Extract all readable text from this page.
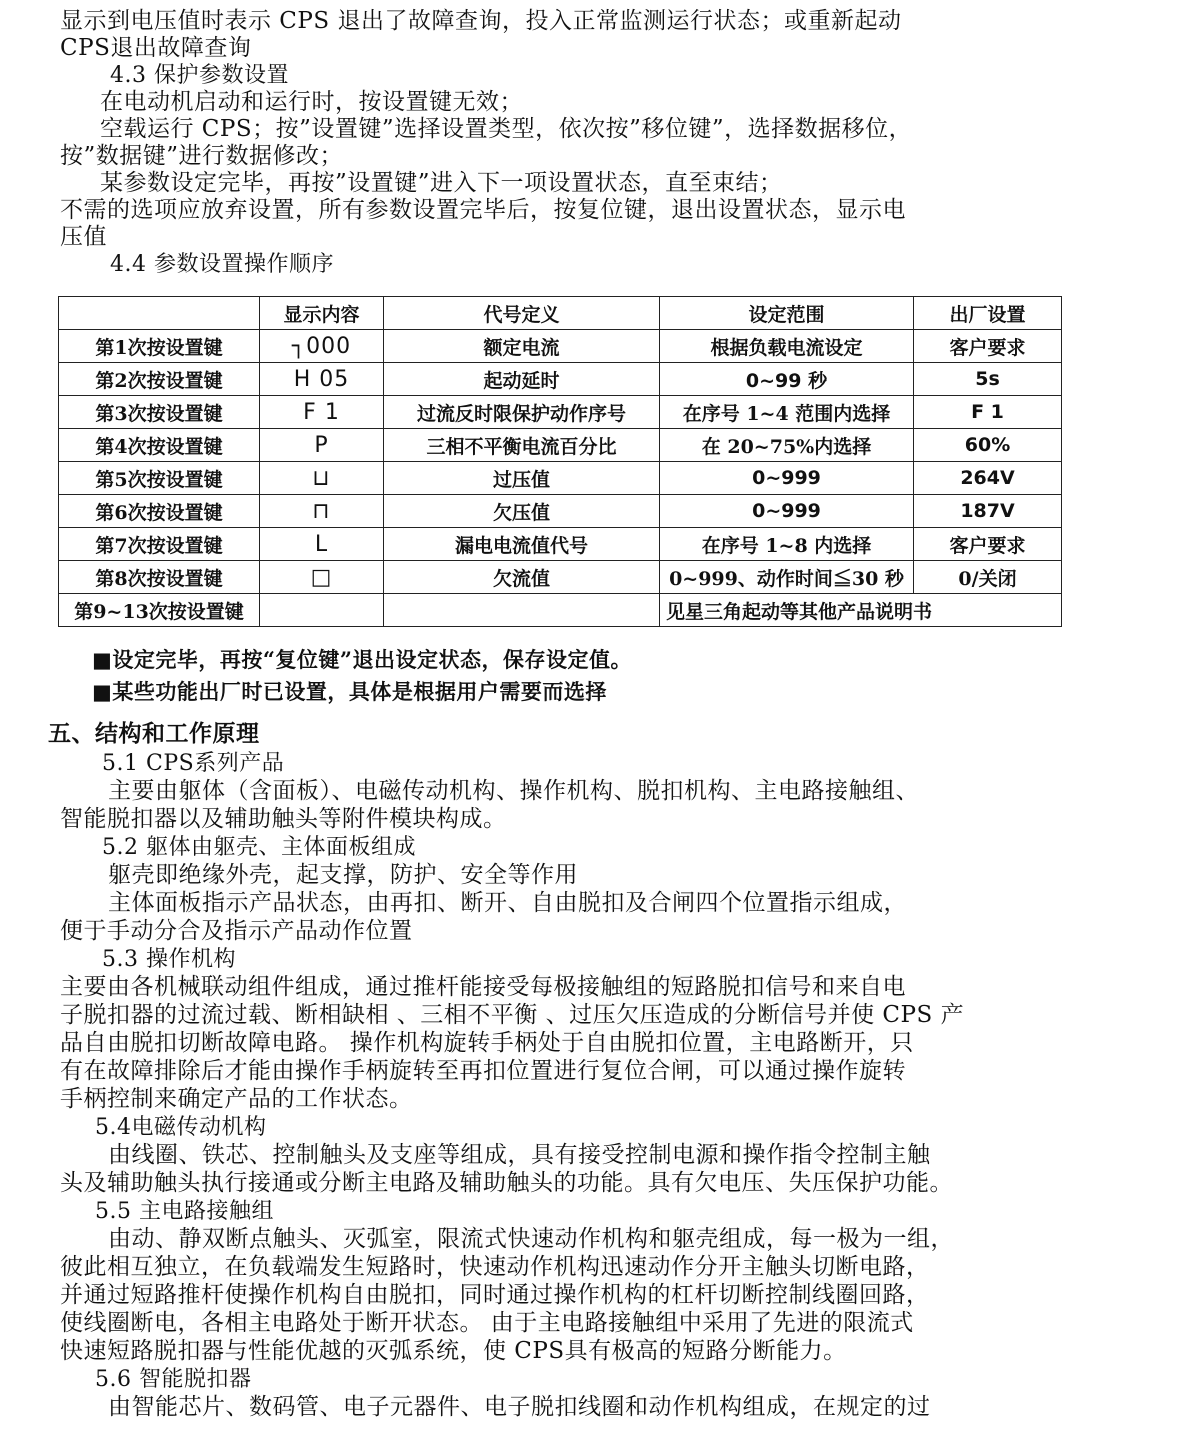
显示到电压值时表示 CPS 退出了故障查询，投入正常监测运行状态；或重新起动
CPS退出故障查询
4.3 保护参数设置
在电动机启动和运行时，按设置键无效；
空载运行 CPS；按”设置键”选择设置类型，依次按”移位键”，选择数据移位，
按”数据键”进行数据修改；
某参数设定完毕，再按”设置键”进入下一项设置状态，直至束结；
不需的选项应放弃设置，所有参数设置完毕后，按复位键，退出设置状态，显示电
压值
4.4 参数设置操作顺序
	显示内容	代号定义	设定范围	出厂设置
第1次按设置键	┐000	额定电流	根据负载电流设定	客户要求
第2次按设置键	H 05	起动延时	0~99 秒	5s
第3次按设置键	F 1	过流反时限保护动作序号	在序号 1~4 范围内选择	F 1
第4次按设置键	P	三相不平衡电流百分比	在 20~75%内选择	60%
第5次按设置键	⊔	过压值	0~999	264V
第6次按设置键	⊓	欠压值	0~999	187V
第7次按设置键	L	漏电电流值代号	在序号 1~8 内选择	客户要求
第8次按设置键	□	欠流值	0~999、动作时间≦30 秒	0/关闭
第9~13次按设置键			见星三角起动等其他产品说明书	
■设定完毕，再按“复位键”退出设定状态，保存设定值。
■某些功能出厂时已设置，具体是根据用户需要而选择
五、结构和工作原理
5.1 CPS系列产品
主要由躯体（含面板）、电磁传动机构、操作机构、脱扣机构、主电路接触组、
智能脱扣器以及辅助触头等附件模块构成。
5.2 躯体由躯壳、主体面板组成
躯壳即绝缘外壳，起支撑，防护、安全等作用
主体面板指示产品状态，由再扣、断开、自由脱扣及合闸四个位置指示组成，
便于手动分合及指示产品动作位置
5.3 操作机构
主要由各机械联动组件组成，通过推杆能接受每极接触组的短路脱扣信号和来自电
子脱扣器的过流过载、断相缺相 、三相不平衡 、过压欠压造成的分断信号并使 CPS 产
品自由脱扣切断故障电路。 操作机构旋转手柄处于自由脱扣位置，主电路断开，只
有在故障排除后才能由操作手柄旋转至再扣位置进行复位合闸，可以通过操作旋转
手柄控制来确定产品的工作状态。
5.4电磁传动机构
由线圈、铁芯、控制触头及支座等组成，具有接受控制电源和操作指令控制主触
头及辅助触头执行接通或分断主电路及辅助触头的功能。具有欠电压、失压保护功能。
5.5 主电路接触组
由动、静双断点触头、灭弧室，限流式快速动作机构和躯壳组成，每一极为一组，
彼此相互独立，在负载端发生短路时，快速动作机构迅速动作分开主触头切断电路，
并通过短路推杆使操作机构自由脱扣，同时通过操作机构的杠杆切断控制线圈回路，
使线圈断电，各相主电路处于断开状态。 由于主电路接触组中采用了先进的限流式
快速短路脱扣器与性能优越的灭弧系统，使 CPS具有极高的短路分断能力。
5.6 智能脱扣器
由智能芯片、数码管、电子元器件、电子脱扣线圈和动作机构组成，在规定的过
